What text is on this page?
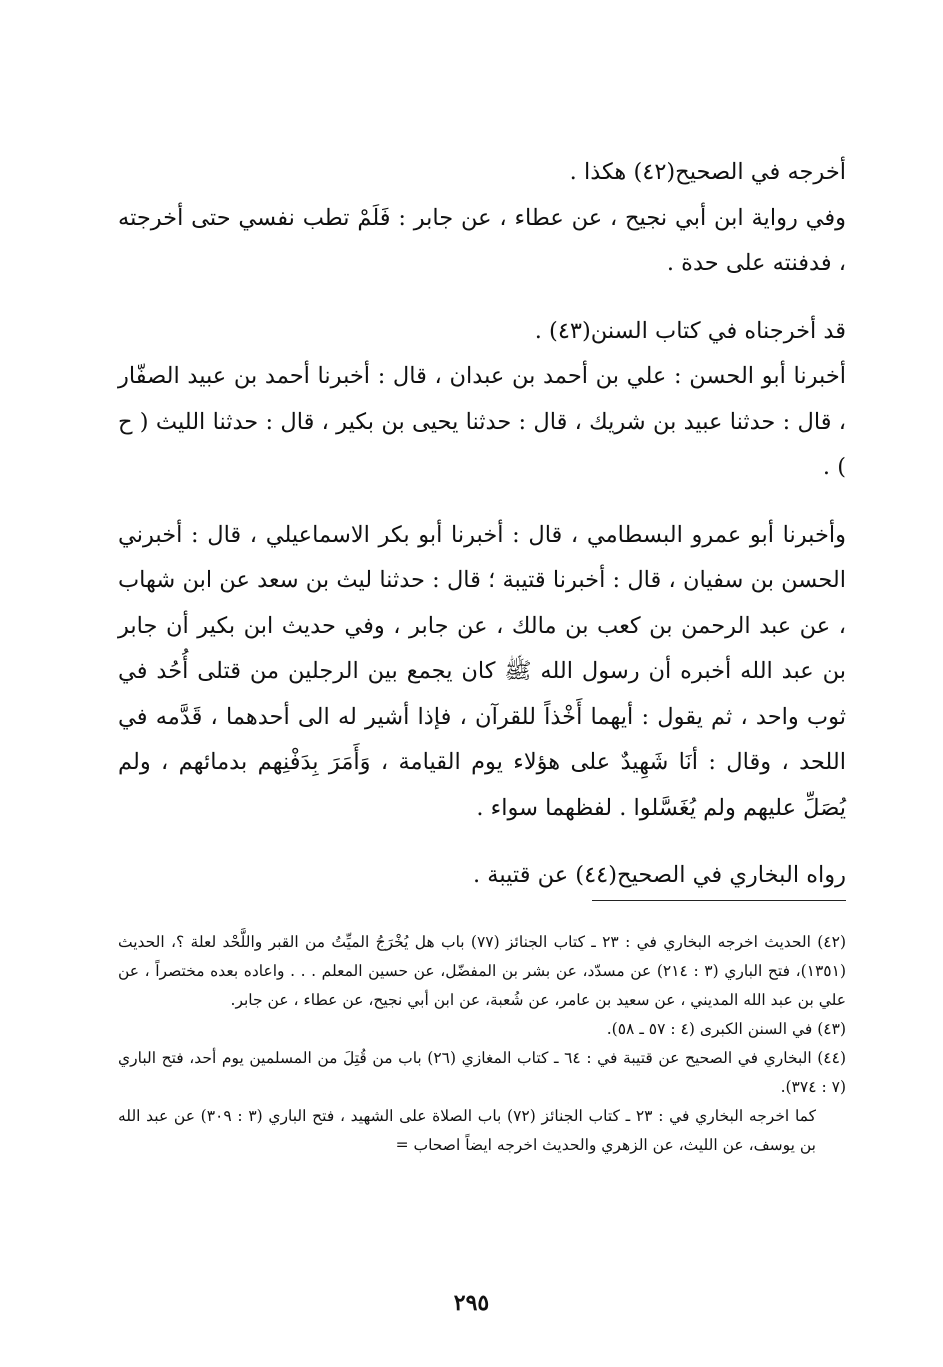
أخرجه في الصحيح(٤٢) هكذا .

وفي رواية ابن أبي نجيح ، عن عطاء ، عن جابر : فَلَمْ تطب نفسي حتى أخرجته ، فدفنته على حدة .

قد أخرجناه في كتاب السنن(٤٣) .

أخبرنا أبو الحسن : علي بن أحمد بن عبدان ، قال : أخبرنا أحمد بن عبيد الصفّار ، قال : حدثنا عبيد بن شريك ، قال : حدثنا يحيى بن بكير ، قال : حدثنا الليث ( ح ) .

وأخبرنا أبو عمرو البسطامي ، قال : أخبرنا أبو بكر الاسماعيلي ، قال : أخبرني الحسن بن سفيان ، قال : أخبرنا قتيبة ؛ قال : حدثنا ليث بن سعد عن ابن شهاب ، عن عبد الرحمن بن كعب بن مالك ، عن جابر ، وفي حديث ابن بكير أن جابر بن عبد الله أخبره أن رسول الله ﷺ كان يجمع بين الرجلين من قتلى أُحُد في ثوب واحد ، ثم يقول : أيهما أَخْذاً للقرآن ، فإذا أشير له الى أحدهما ، قَدَّمه في اللحد ، وقال : أنَا شَهِيدٌ على هؤلاء يوم القيامة ، وَأَمَرَ بِدَفْنِهم بدمائهم ، ولم يُصَلِّ عليهم ولم يُغَسَّلوا . لفظهما سواء .

رواه البخاري في الصحيح(٤٤) عن قتيبة .

(٤٢) الحديث اخرجه البخاري في : ٢٣ ـ كتاب الجنائز (٧٧) باب هل يُخْرَجُ الميِّتُ من القبر واللَّحْد لعلة ؟، الحديث (١٣٥١)، فتح الباري (٣ : ٢١٤) عن مسدّد، عن بشر بن المفضّل، عن حسين المعلم . . . واعاده بعده مختصراً ، عن علي بن عبد الله المديني ، عن سعيد بن عامر، عن شُعبة، عن ابن أبي نجيح، عن عطاء ، عن جابر.

(٤٣) في السنن الكبرى (٤ : ٥٧ ـ ٥٨).

(٤٤) البخاري في الصحيح عن قتيبة في : ٦٤ ـ كتاب المغازي (٢٦) باب من قُتِلَ من المسلمين يوم أحد، فتح الباري (٧ : ٣٧٤).

كما اخرجه البخاري في : ٢٣ ـ كتاب الجنائز (٧٢) باب الصلاة على الشهيد ، فتح الباري (٣ : ٣٠٩) عن عبد الله بن يوسف، عن الليث، عن الزهري والحديث اخرجه ايضاً اصحاب =

٢٩٥
